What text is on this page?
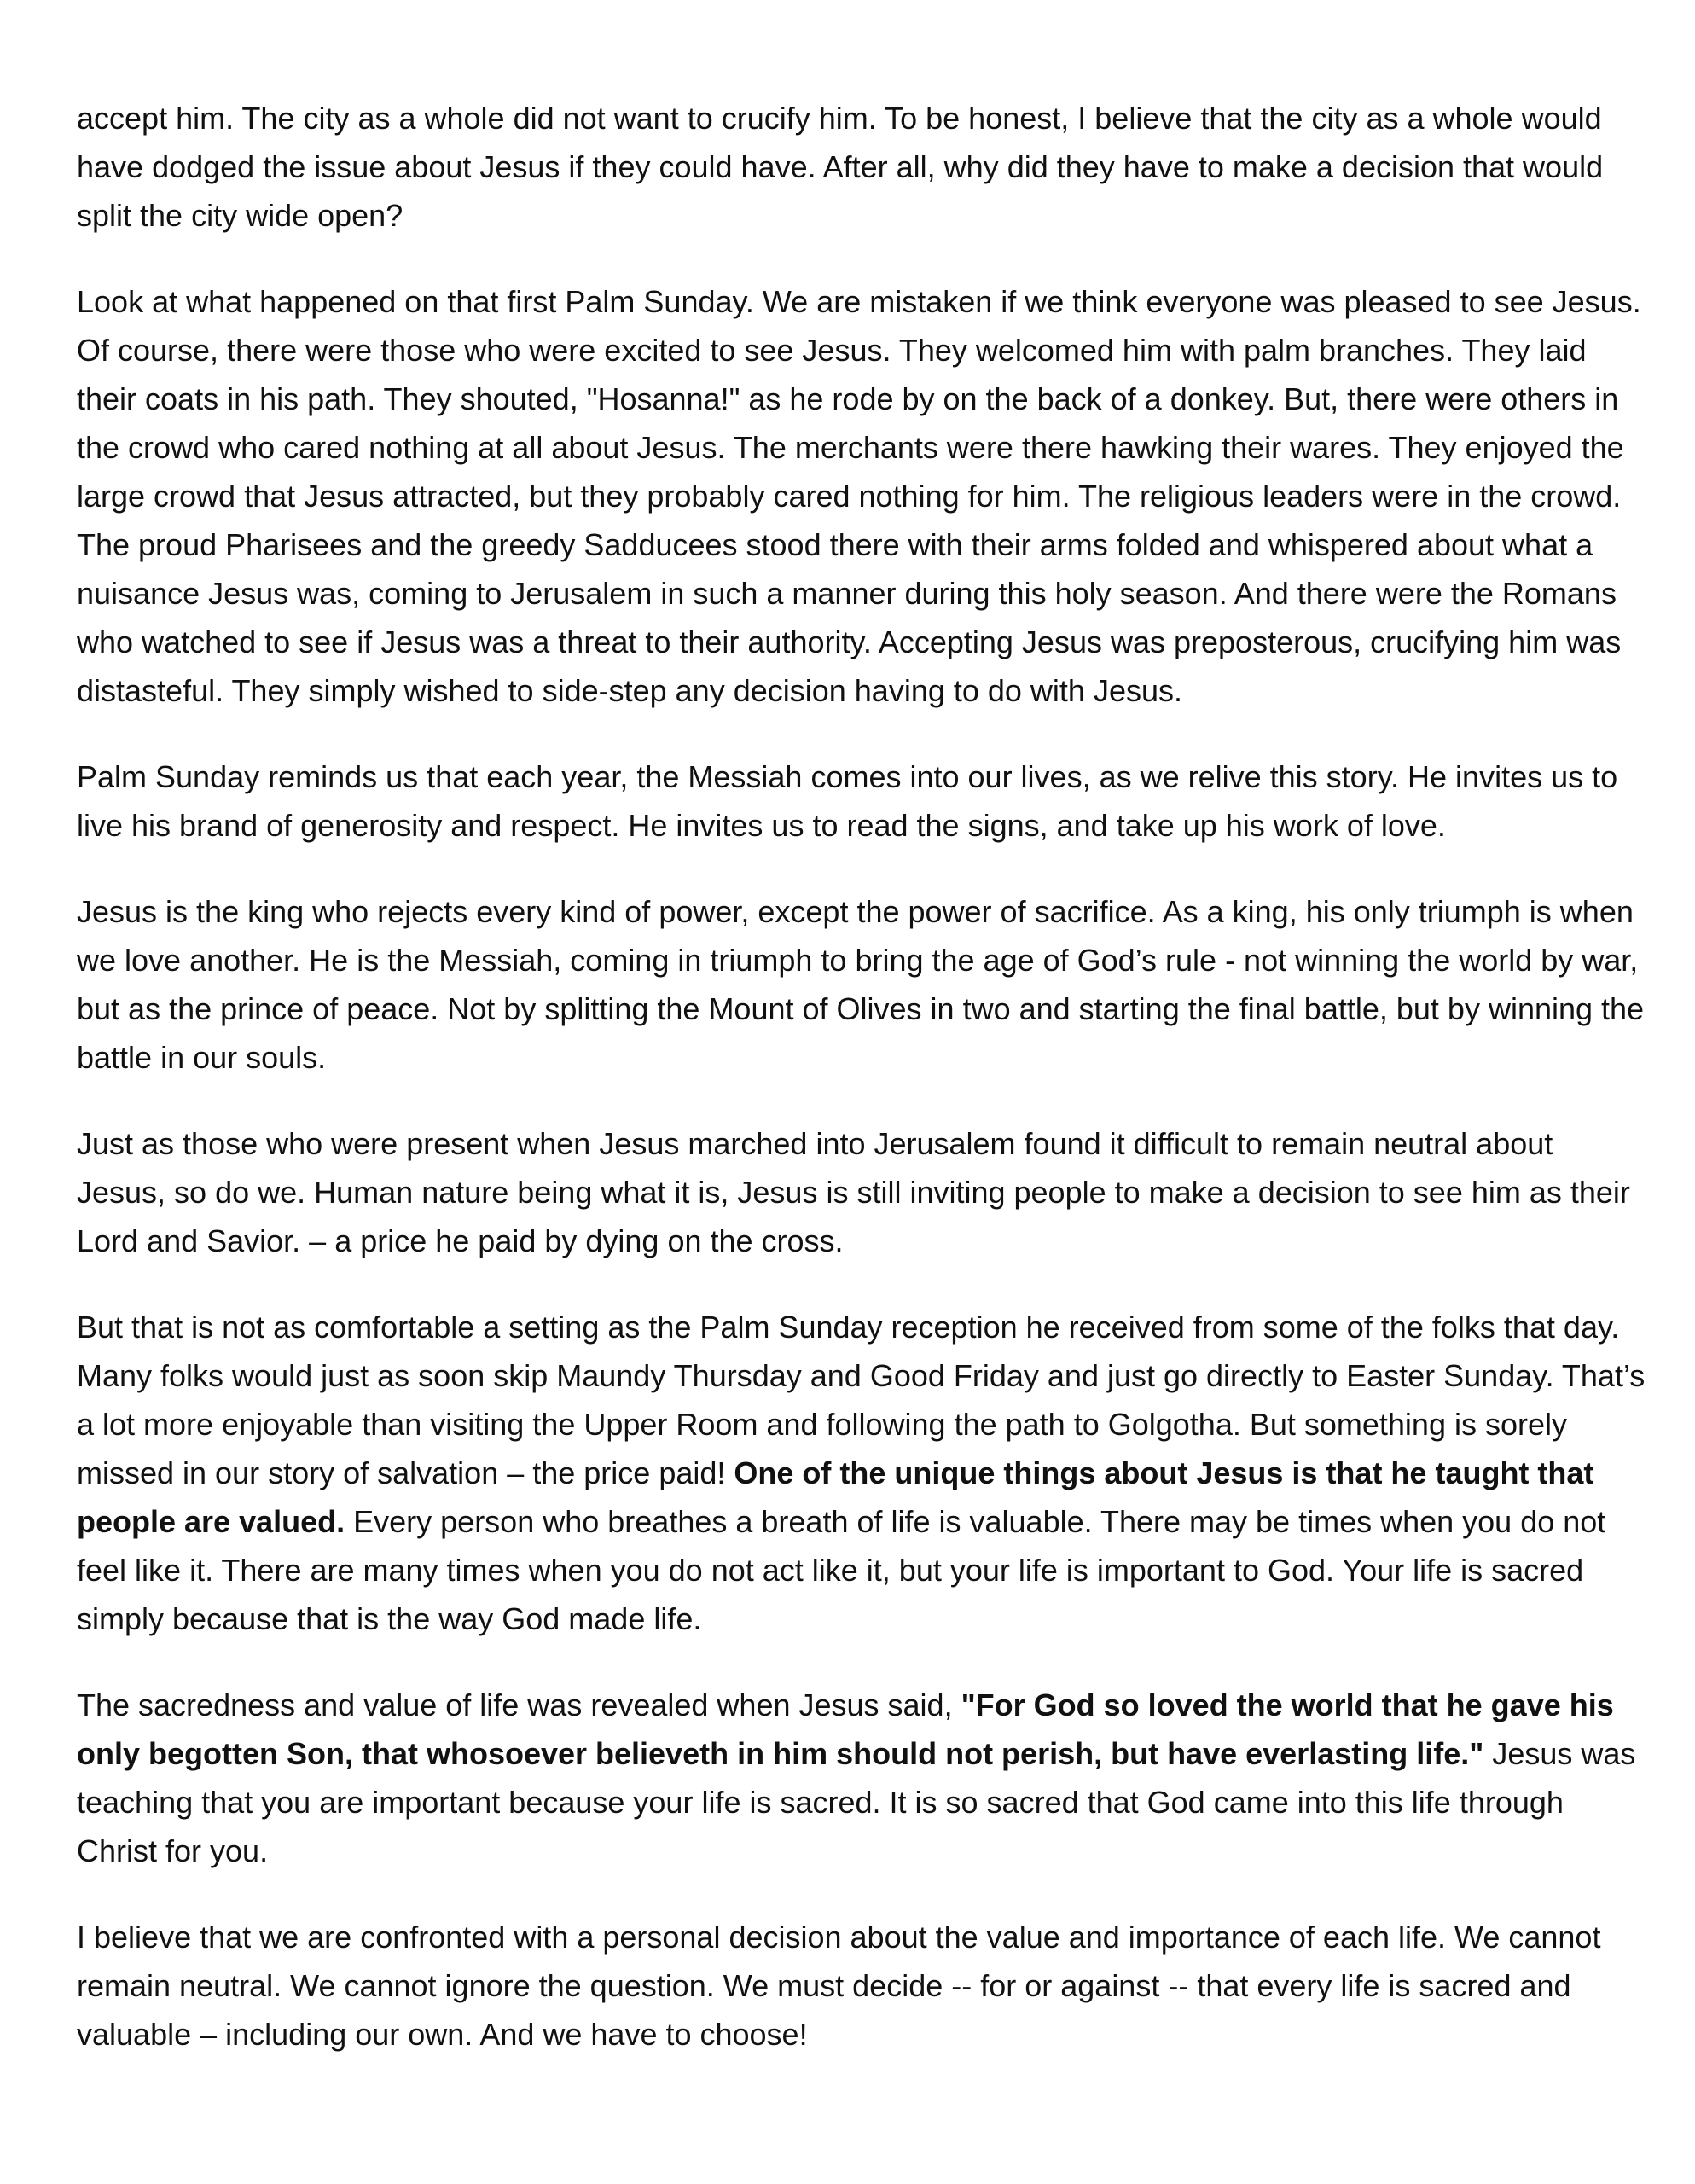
accept him. The city as a whole did not want to crucify him. To be honest, I believe that the city as a whole would have dodged the issue about Jesus if they could have. After all, why did they have to make a decision that would split the city wide open?

Look at what happened on that first Palm Sunday. We are mistaken if we think everyone was pleased to see Jesus. Of course, there were those who were excited to see Jesus. They welcomed him with palm branches. They laid their coats in his path. They shouted, "Hosanna!" as he rode by on the back of a donkey. But, there were others in the crowd who cared nothing at all about Jesus. The merchants were there hawking their wares. They enjoyed the large crowd that Jesus attracted, but they probably cared nothing for him. The religious leaders were in the crowd. The proud Pharisees and the greedy Sadducees stood there with their arms folded and whispered about what a nuisance Jesus was, coming to Jerusalem in such a manner during this holy season. And there were the Romans who watched to see if Jesus was a threat to their authority. Accepting Jesus was preposterous, crucifying him was distasteful. They simply wished to side-step any decision having to do with Jesus.

Palm Sunday reminds us that each year, the Messiah comes into our lives, as we relive this story. He invites us to live his brand of generosity and respect. He invites us to read the signs, and take up his work of love.

Jesus is the king who rejects every kind of power, except the power of sacrifice. As a king, his only triumph is when we love another. He is the Messiah, coming in triumph to bring the age of God’s rule - not winning the world by war, but as the prince of peace. Not by splitting the Mount of Olives in two and starting the final battle, but by winning the battle in our souls.

Just as those who were present when Jesus marched into Jerusalem found it difficult to remain neutral about Jesus, so do we. Human nature being what it is, Jesus is still inviting people to make a decision to see him as their Lord and Savior. – a price he paid by dying on the cross.

But that is not as comfortable a setting as the Palm Sunday reception he received from some of the folks that day. Many folks would just as soon skip Maundy Thursday and Good Friday and just go directly to Easter Sunday. That’s a lot more enjoyable than visiting the Upper Room and following the path to Golgotha. But something is sorely missed in our story of salvation – the price paid! One of the unique things about Jesus is that he taught that people are valued. Every person who breathes a breath of life is valuable. There may be times when you do not feel like it. There are many times when you do not act like it, but your life is important to God. Your life is sacred simply because that is the way God made life.

The sacredness and value of life was revealed when Jesus said, "For God so loved the world that he gave his only begotten Son, that whosoever believeth in him should not perish, but have everlasting life." Jesus was teaching that you are important because your life is sacred. It is so sacred that God came into this life through Christ for you.

I believe that we are confronted with a personal decision about the value and importance of each life. We cannot remain neutral. We cannot ignore the question. We must decide -- for or against -- that every life is sacred and valuable – including our own. And we have to choose!
